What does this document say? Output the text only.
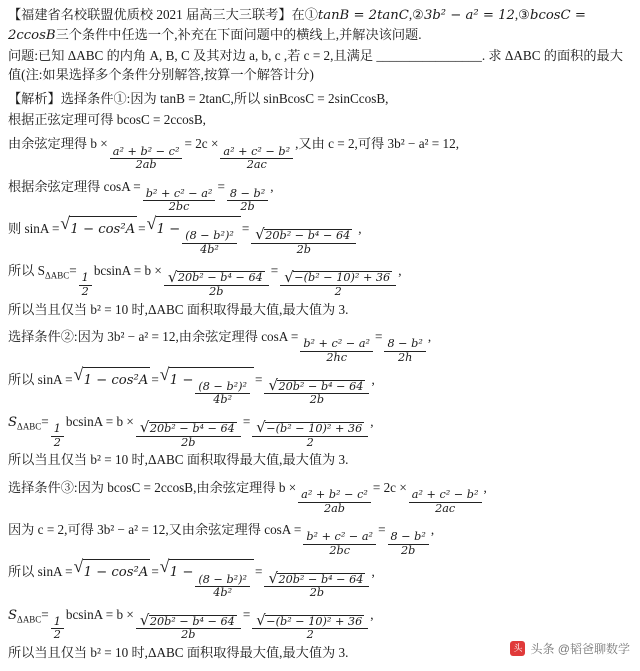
【福建省名校联盟优质校 2021 届高三大三联考】在①tanB = 2tanC,②3b² − a² = 12,③bcosC = 2ccosB三个条件中任选一个,补充在下面问题中的横线上,并解决该问题.
问题:已知 ΔABC 的内角 A, B, C 及其对边 a, b, c ,若 c = 2,且满足 ________________. 求 ΔABC 的面积的最大值(注:如果选择多个条件分别解答,按算一个解答计分)
【解析】选择条件①:因为 tanB = 2tanC,所以 sinBcosC = 2sinCcosB,
根据正弦定理可得 bcosC = 2ccosB,
由余弦定理得 b ×
$\frac{\text{a² + b² − c²}}{2ab}$
= 2c ×
$\frac{\text{a² + c² − b²}}{2ac}$
,又由 c = 2,可得 3b² − a² = 12,
根据余弦定理得 cosA =
$\frac{\text{b² + c² − a²}}{2bc}$
=
$\frac{\text{8 − b²}}{2b}$
,
则 sinA = √ 1 − cos²A = √ 1 −
$\frac{\text{(8 − b²)²}}{\text{4b²}}$
=
√ $\frac{\text{20b² − b⁴ − 64}}{2b}$
,
所以 $S_{\Delta ABC}=$
$\frac{1}{2}$
bcsinA = b ×
√ $\frac{\text{20b² − b⁴ − 64}}{2b}$
=
√ $\frac{\text{−(b² − 10)² + 36}}{2}$
,
所以当且仅当 b² = 10 时,ΔABC 面积取得最大值,最大值为 3.
选择条件②:因为 3b² − a² = 12,由余弦定理得 cosA =
$\frac{\text{b² + c² − a²}}{2hc}$
=
$\frac{\text{8 − b²}}{2h}$
,
所以 sinA = √ 1 − cos²A = √ 1 −
$\frac{\text{(8 − b²)²}}{\text{4b²}}$
=
√ $\frac{\text{20b² − b⁴ − 64}}{2b}$
,
$S_{\Delta ABC}=$
$\frac{1}{2}$
bcsinA = b ×
√ $\frac{\text{20b² − b⁴ − 64}}{2b}$
=
√ $\frac{\text{−(b² − 10)² + 36}}{2}$
,
所以当且仅当 b² = 10 时,ΔABC 面积取得最大值,最大值为 3.
选择条件③:因为 bcosC = 2ccosB,由余弦定理得 b ×
$\frac{\text{a² + b² − c²}}{2ab}$
= 2c ×
$\frac{\text{a² + c² − b²}}{2ac}$
,
因为 c = 2,可得 3b² − a² = 12,又由余弦定理得 cosA =
$\frac{\text{b² + c² − a²}}{2bc}$
=
$\frac{\text{8 − b²}}{2b}$
,
所以 sinA = √ 1 − cos²A = √ 1 −
$\frac{\text{(8 − b²)²}}{\text{4b²}}$
=
√ $\frac{\text{20b² − b⁴ − 64}}{2b}$
,
$S_{\Delta ABC}=$
$\frac{1}{2}$
bcsinA = b ×
√ $\frac{\text{20b² − b⁴ − 64}}{2b}$
=
√ $\frac{\text{−(b² − 10)² + 36}}{2}$
,
所以当且仅当 b² = 10 时,ΔABC 面积取得最大值,最大值为 3.	头条
头条 @韬爸聊数学
